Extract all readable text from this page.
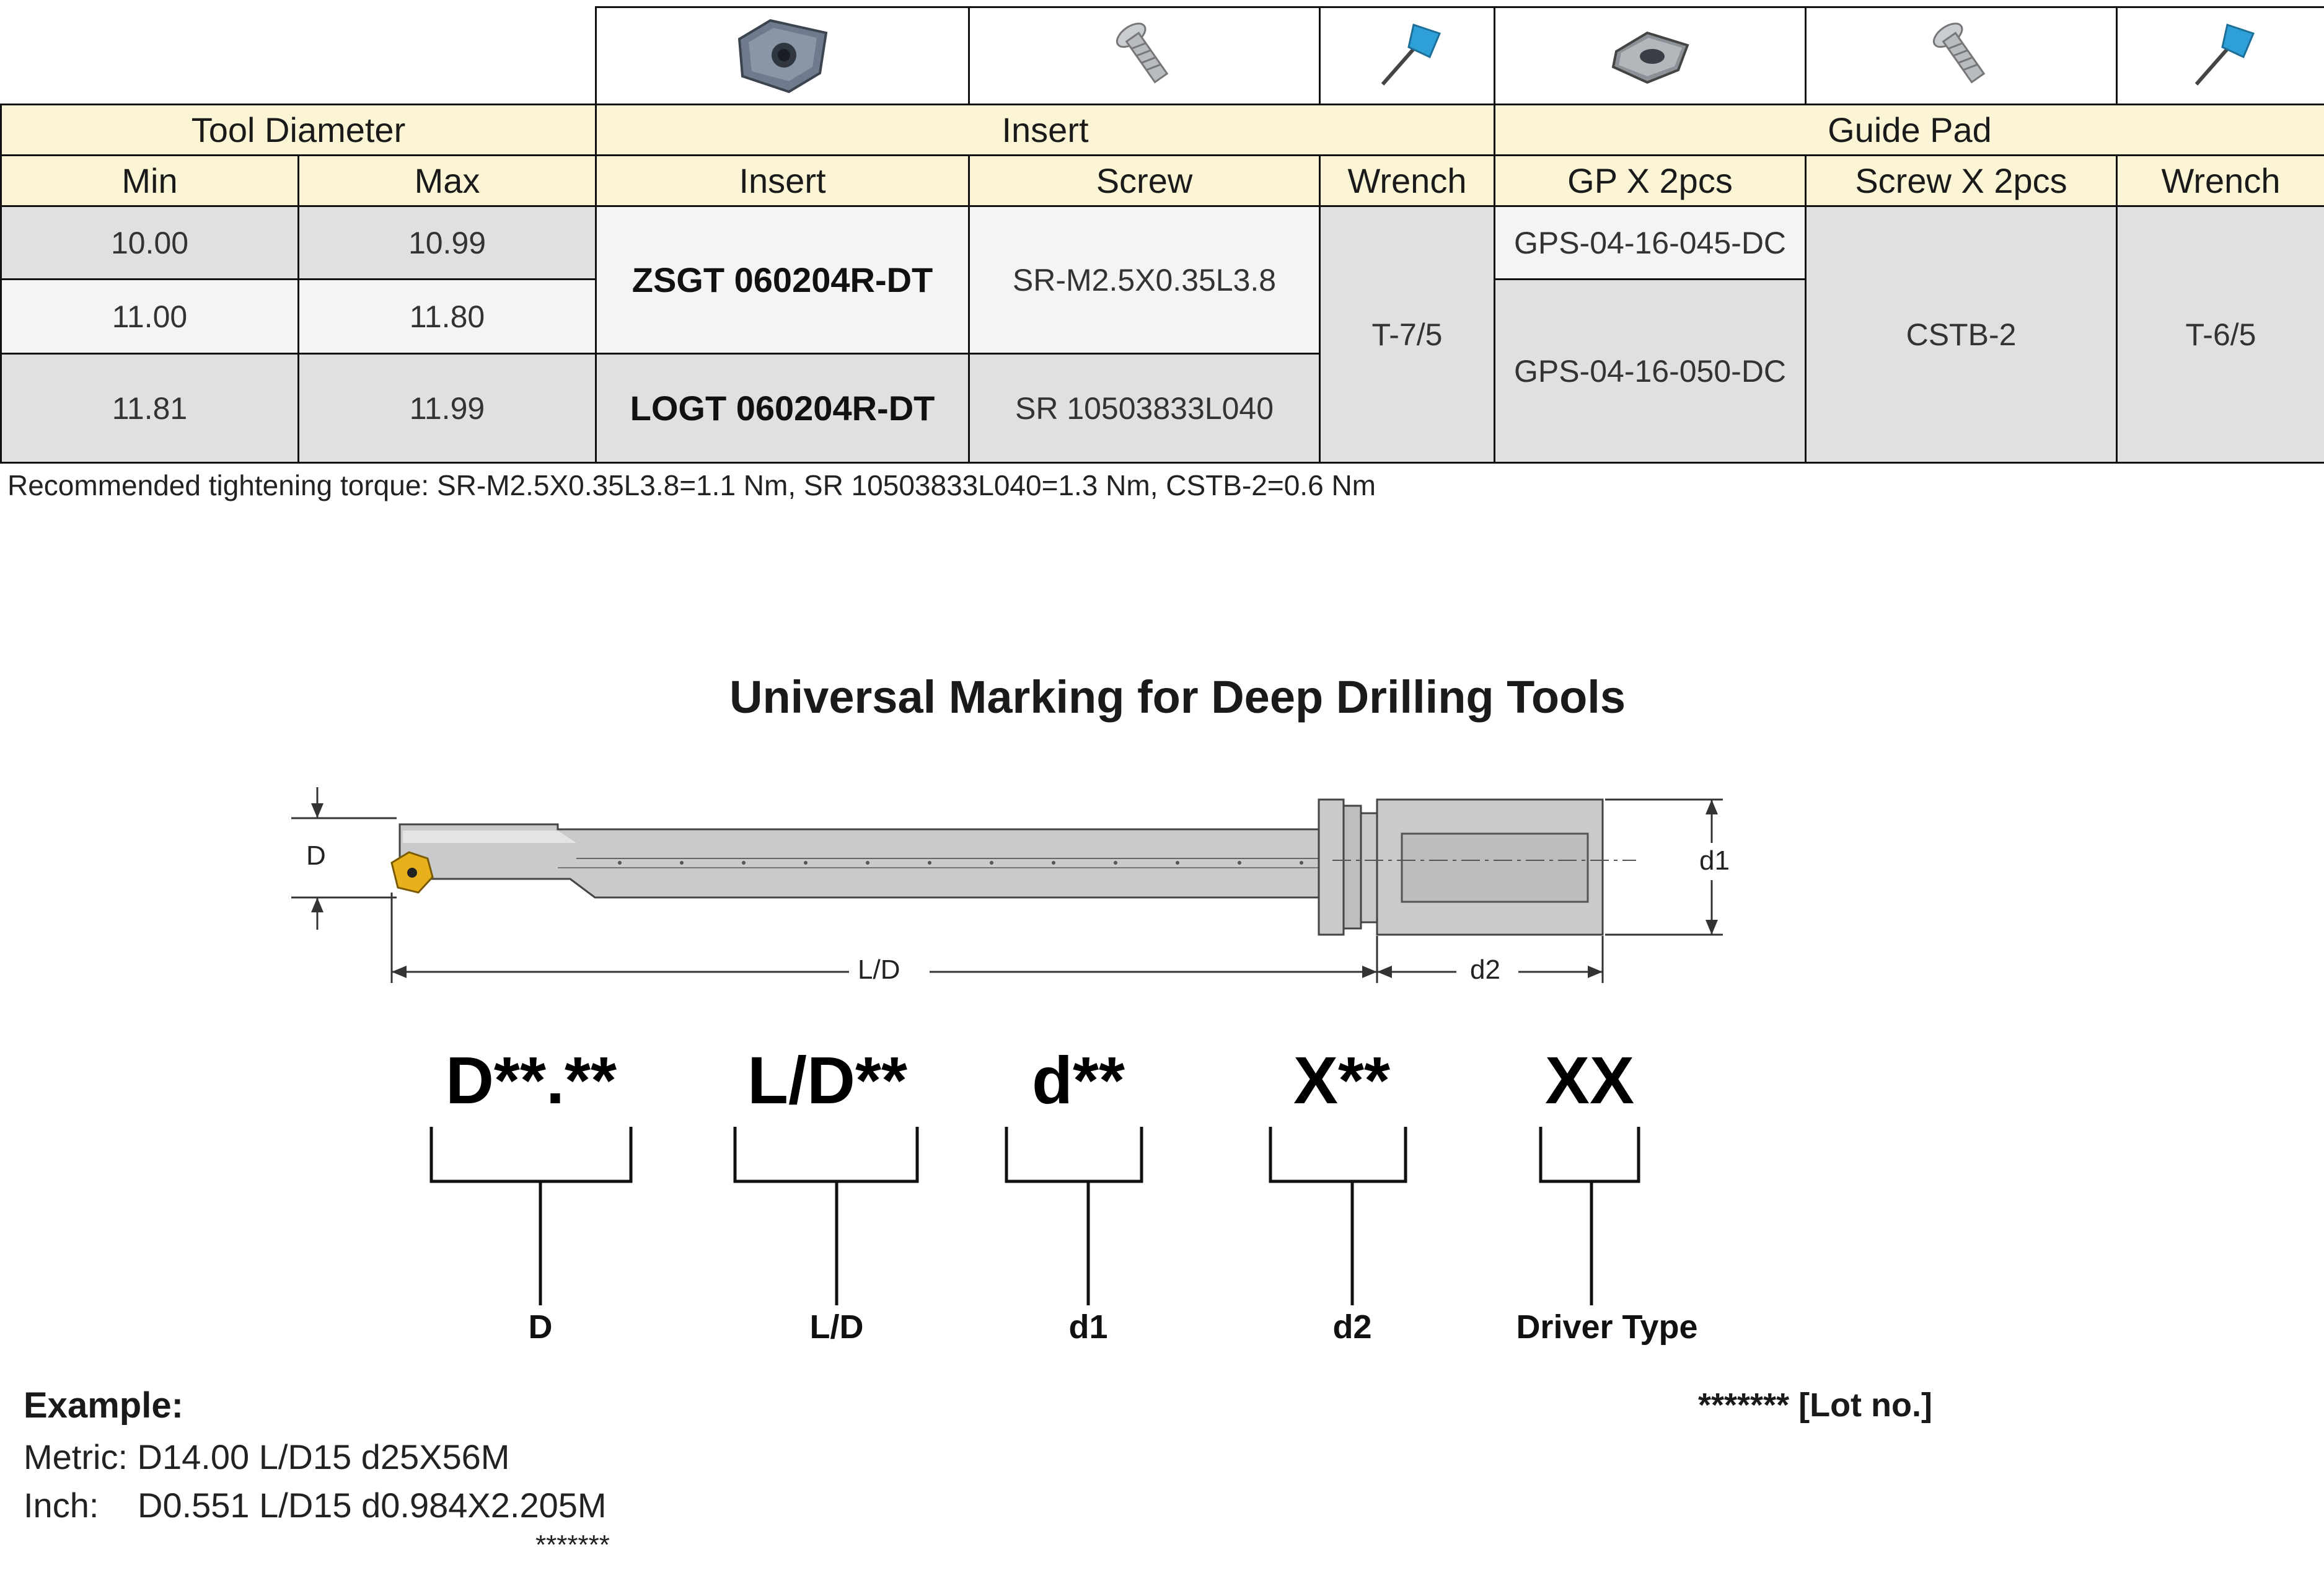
Tool Diameter		Insert			Guide Pad		
Min	Max	Insert	Screw	Wrench	GP X 2pcs	Screw X 2pcs	Wrench
10.00	10.99	ZSGT 060204R-DT	SR-M2.5X0.35L3.8	T-7/5	GPS-04-16-045-DC	CSTB-2	T-6/5
11.00	11.80				GPS-04-16-050-DC		
11.81	11.99	LOGT 060204R-DT	SR 10503833L040				
Recommended tightening torque: SR-M2.5X0.35L3.8=1.1 Nm, SR 10503833L040=1.3 Nm, CSTB-2=0.6 Nm
Universal Marking for Deep Drilling Tools
D
L/D	d2
d1
D**.**	L/D**	d**	X**	XX
D	L/D	d1	d2	Driver Type
Example:
Metric: D14.00 L/D15 d25X56M
Inch: D0.551 L/D15 d0.984X2.205M
*******
******* [Lot no.]
